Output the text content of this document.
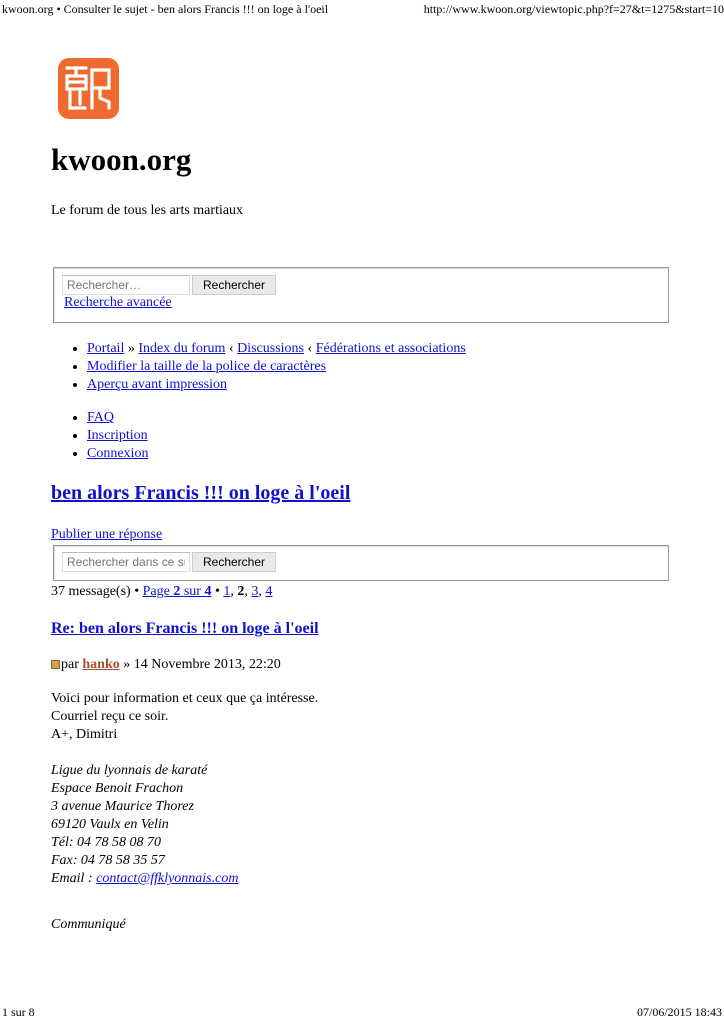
kwoon.org • Consulter le sujet - ben alors Francis !!! on loge à l'oeil	http://www.kwoon.org/viewtopic.php?f=27&t=1275&start=10
kwoon.org
Le forum de tous les arts martiaux
Rechercher…
Rechercher
Recherche avancée
• Portail » Index du forum ‹ Discussions ‹ Fédérations et associations
• Modifier la taille de la police de caractères
• Aperçu avant impression
• FAQ
• Inscription
• Connexion
ben alors Francis !!! on loge à l'oeil
Publier une réponse
Rechercher dans ce sujet…
Rechercher
37 message(s) • Page 2 sur 4 • 1, 2, 3, 4
Re: ben alors Francis !!! on loge à l'oeil
par hanko » 14 Novembre 2013, 22:20
Voici pour information et ceux que ça intéresse.
Courriel reçu ce soir.
A+, Dimitri
Ligue du lyonnais de karaté
Espace Benoit Frachon
3 avenue Maurice Thorez
69120 Vaulx en Velin
Tél: 04 78 58 08 70
Fax: 04 78 58 35 57
Email : contact@ffklyonnais.com
Communiqué
1 sur 8	07/06/2015 18:43
